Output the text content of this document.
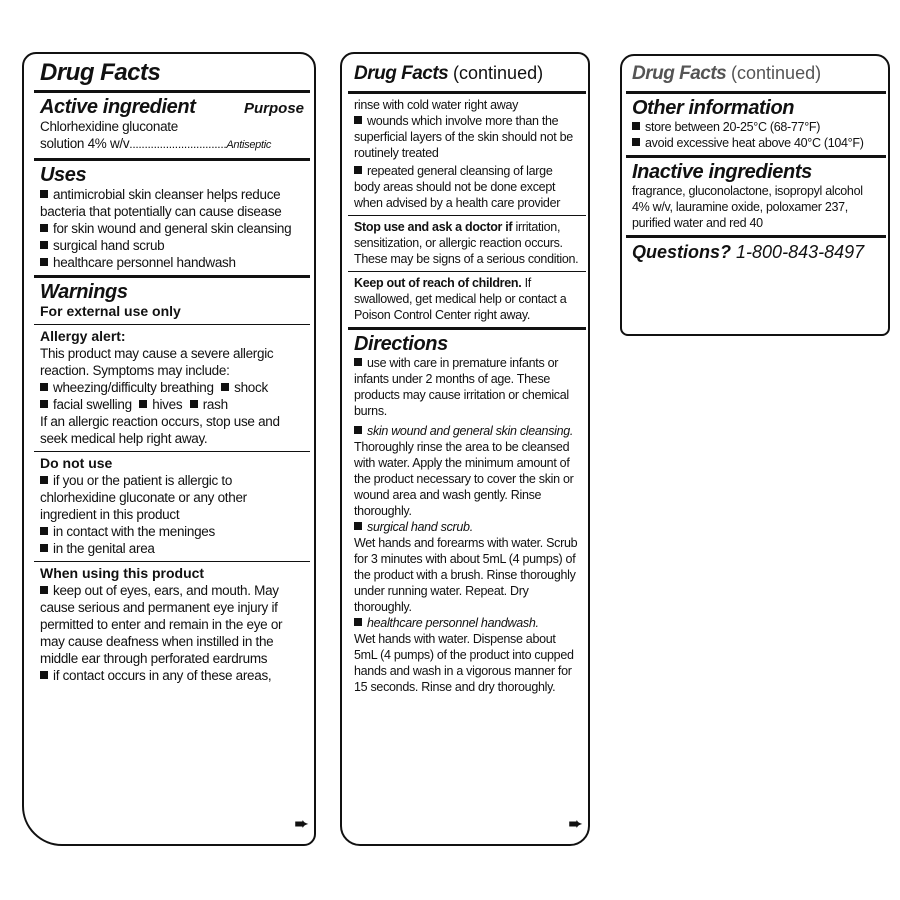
Drug Facts
Active ingredient	Purpose
Chlorhexidine gluconate
solution 4% w/v................................Antiseptic
Uses
antimicrobial skin cleanser helps reduce bacteria that potentially can cause disease
for skin wound and general skin cleansing
surgical hand scrub
healthcare personnel handwash
Warnings
For external use only
Allergy alert:
This product may cause a severe allergic reaction. Symptoms may include:
wheezing/difficulty breathing shock
facial swelling hives rash
If an allergic reaction occurs, stop use and seek medical help right away.
Do not use
if you or the patient is allergic to chlorhexidine gluconate or any other ingredient in this product
in contact with the meninges
in the genital area
When using this product
keep out of eyes, ears, and mouth. May cause serious and permanent eye injury if permitted to enter and remain in the eye or may cause deafness when instilled in the middle ear through perforated eardrums
if contact occurs in any of these areas,
➨
Drug Facts (continued)
rinse with cold water right away
wounds which involve more than the superficial layers of the skin should not be routinely treated
repeated general cleansing of large body areas should not be done except when advised by a health care provider
Stop use and ask a doctor if irritation, sensitization, or allergic reaction occurs. These may be signs of a serious condition.
Keep out of reach of children. If swallowed, get medical help or contact a Poison Control Center right away.
Directions
use with care in premature infants or infants under 2 months of age. These products may cause irritation or chemical burns.
skin wound and general skin cleansing.
Thoroughly rinse the area to be cleansed with water. Apply the minimum amount of the product necessary to cover the skin or wound area and wash gently. Rinse thoroughly.
surgical hand scrub.
Wet hands and forearms with water. Scrub for 3 minutes with about 5mL (4 pumps) of the product with a brush. Rinse thoroughly under running water. Repeat. Dry thoroughly.
healthcare personnel handwash.
Wet hands with water. Dispense about 5mL (4 pumps) of the product into cupped hands and wash in a vigorous manner for 15 seconds. Rinse and dry thoroughly.
➨
Drug Facts (continued)
Other information
store between 20-25°C (68-77°F)
avoid excessive heat above 40°C (104°F)
Inactive ingredients
fragrance, gluconolactone, isopropyl alcohol 4% w/v, lauramine oxide, poloxamer 237, purified water and red 40
Questions? 1-800-843-8497
